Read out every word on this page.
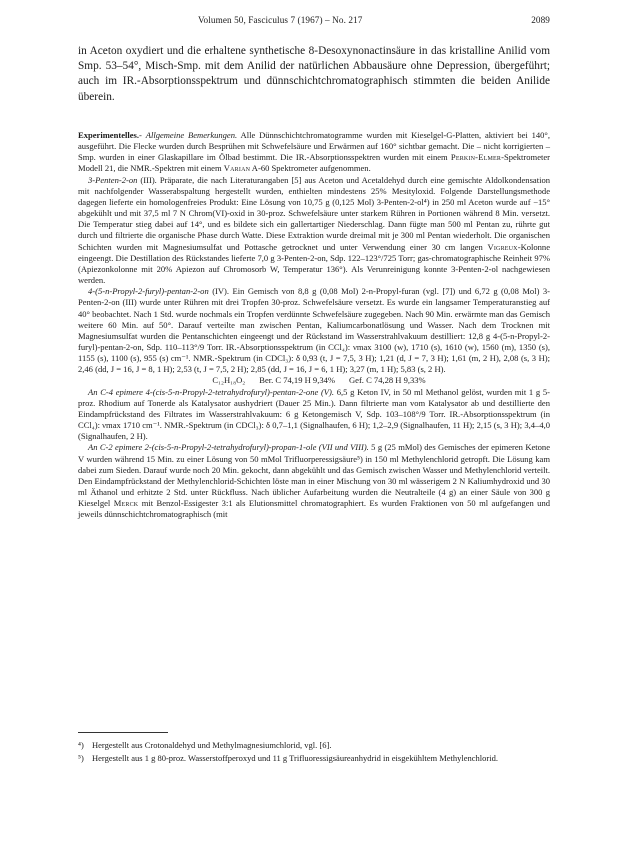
Volumen 50, Fasciculus 7 (1967) – No. 217	2089

in Aceton oxydiert und die erhaltene synthetische 8-Desoxynonactinsäure in das kristalline Anilid vom Smp. 53–54°, Misch-Smp. mit dem Anilid der natürlichen Abbausäure ohne Depression, übergeführt; auch im IR.-Absorptionsspektrum und dünnschichtchromatographisch stimmten die beiden Anilide überein.

Experimentelles.- Allgemeine Bemerkungen. Alle Dünnschichtchromatogramme wurden mit Kieselgel-G-Platten, aktiviert bei 140°, ausgeführt. Die Flecke wurden durch Besprühen mit Schwefelsäure und Erwärmen auf 160° sichtbar gemacht. Die – nicht korrigierten – Smp. wurden in einer Glaskapillare im Ölbad bestimmt. Die IR.-Absorptionsspektren wurden mit einem Perkin-Elmer-Spektrometer Modell 21, die NMR.-Spektren mit einem Varian A-60 Spektrometer aufgenommen.

3-Penten-2-on (III). Präparate, die nach Literaturangaben [5] aus Aceton und Acetaldehyd durch eine gemischte Aldolkondensation mit nachfolgender Wasserabspaltung hergestellt wurden, enthielten mindestens 25% Mesityloxid. Folgende Darstellungsmethode dagegen lieferte ein homologenfreies Produkt: Eine Lösung von 10,75 g (0,125 Mol) 3-Penten-2-ol⁴) in 250 ml Aceton wurde auf −15° abgekühlt und mit 37,5 ml 7 N Chrom(VI)-oxid in 30-proz. Schwefelsäure unter starkem Rühren in Portionen während 8 Min. versetzt. Die Temperatur stieg dabei auf 14°, und es bildete sich ein gallertartiger Niederschlag. Dann fügte man 500 ml Pentan zu, rührte gut durch und filtrierte die organische Phase durch Watte. Diese Extraktion wurde dreimal mit je 300 ml Pentan wiederholt. Die organischen Schichten wurden mit Magnesiumsulfat und Pottasche getrocknet und unter Verwendung einer 30 cm langen Vigreux-Kolonne eingeengt. Die Destillation des Rückstandes lieferte 7,0 g 3-Penten-2-on, Sdp. 122–123°/725 Torr; gas-chromatographische Reinheit 97% (Apiezonkolonne mit 20% Apiezon auf Chromosorb W, Temperatur 136°). Als Verunreinigung konnte 3-Penten-2-ol nachgewiesen werden.

4-(5-n-Propyl-2-furyl)-pentan-2-on (IV). Ein Gemisch von 8,8 g (0,08 Mol) 2-n-Propyl-furan (vgl. [7]) und 6,72 g (0,08 Mol) 3-Penten-2-on (III) wurde unter Rühren mit drei Tropfen 30-proz. Schwefelsäure versetzt. Es wurde ein langsamer Temperaturanstieg auf 40° beobachtet. Nach 1 Std. wurde nochmals ein Tropfen verdünnte Schwefelsäure zugegeben. Nach 90 Min. erwärmte man das Gemisch weitere 60 Min. auf 50°. Darauf verteilte man zwischen Pentan, Kaliumcarbonatlösung und Wasser. Nach dem Trocknen mit Magnesiumsulfat wurden die Pentanschichten eingeengt und der Rückstand im Wasserstrahlvakuum destilliert: 12,8 g 4-(5-n-Propyl-2-furyl)-pentan-2-on, Sdp. 110–113°/9 Torr. IR.-Absorptionsspektrum (in CCl₄): νmax 3100 (w), 1710 (s), 1610 (w), 1560 (m), 1350 (s), 1155 (s), 1100 (s), 955 (s) cm⁻¹. NMR.-Spektrum (in CDCl₃): δ 0,93 (t, J = 7,5, 3 H); 1,21 (d, J = 7, 3 H); 1,61 (m, 2 H), 2,08 (s, 3 H); 2,46 (dd, J = 16, J = 8, 1 H); 2,53 (t, J = 7,5, 2 H); 2,85 (dd, J = 16, J = 6, 1 H); 3,27 (m, 1 H); 5,83 (s, 2 H).

C₁₂H₁₈O₂ Ber. C 74,19 H 9,34% Gef. C 74,28 H 9,33%

An C-4 epimere 4-(cis-5-n-Propyl-2-tetrahydrofuryl)-pentan-2-one (V). 6,5 g Keton IV, in 50 ml Methanol gelöst, wurden mit 1 g 5-proz. Rhodium auf Tonerde als Katalysator aushydriert (Dauer 25 Min.). Dann filtrierte man vom Katalysator ab und destillierte den Eindampfrückstand des Filtrates im Wasserstrahlvakuum: 6 g Ketongemisch V, Sdp. 103–108°/9 Torr. IR.-Absorptionsspektrum (in CCl₄): νmax 1710 cm⁻¹. NMR.-Spektrum (in CDCl₃): δ 0,7–1,1 (Signalhaufen, 6 H); 1,2–2,9 (Signalhaufen, 11 H); 2,15 (s, 3 H); 3,4–4,0 (Signalhaufen, 2 H).

An C-2 epimere 2-(cis-5-n-Propyl-2-tetrahydrofuryl)-propan-1-ole (VII und VIII). 5 g (25 mMol) des Gemisches der epimeren Ketone V wurden während 15 Min. zu einer Lösung von 50 mMol Trifluorperessigsäure⁵) in 150 ml Methylenchlorid getropft. Die Lösung kam dabei zum Sieden. Darauf wurde noch 20 Min. gekocht, dann abgekühlt und das Gemisch zwischen Wasser und Methylenchlorid verteilt. Den Eindampfrückstand der Methylenchlorid-Schichten löste man in einer Mischung von 30 ml wässerigem 2 N Kaliumhydroxid und 30 ml Äthanol und erhitzte 2 Std. unter Rückfluss. Nach üblicher Aufarbeitung wurden die Neutralteile (4 g) an einer Säule von 300 g Kieselgel Merck mit Benzol-Essigester 3:1 als Elutionsmittel chromatographiert. Es wurden Fraktionen von 50 ml aufgefangen und jeweils dünnschichtchromatographisch (mit

⁴) Hergestellt aus Crotonaldehyd und Methylmagnesiumchlorid, vgl. [6].
⁵) Hergestellt aus 1 g 80-proz. Wasserstoffperoxyd und 11 g Trifluoressigsäureanhydrid in eisgekühltem Methylenchlorid.
